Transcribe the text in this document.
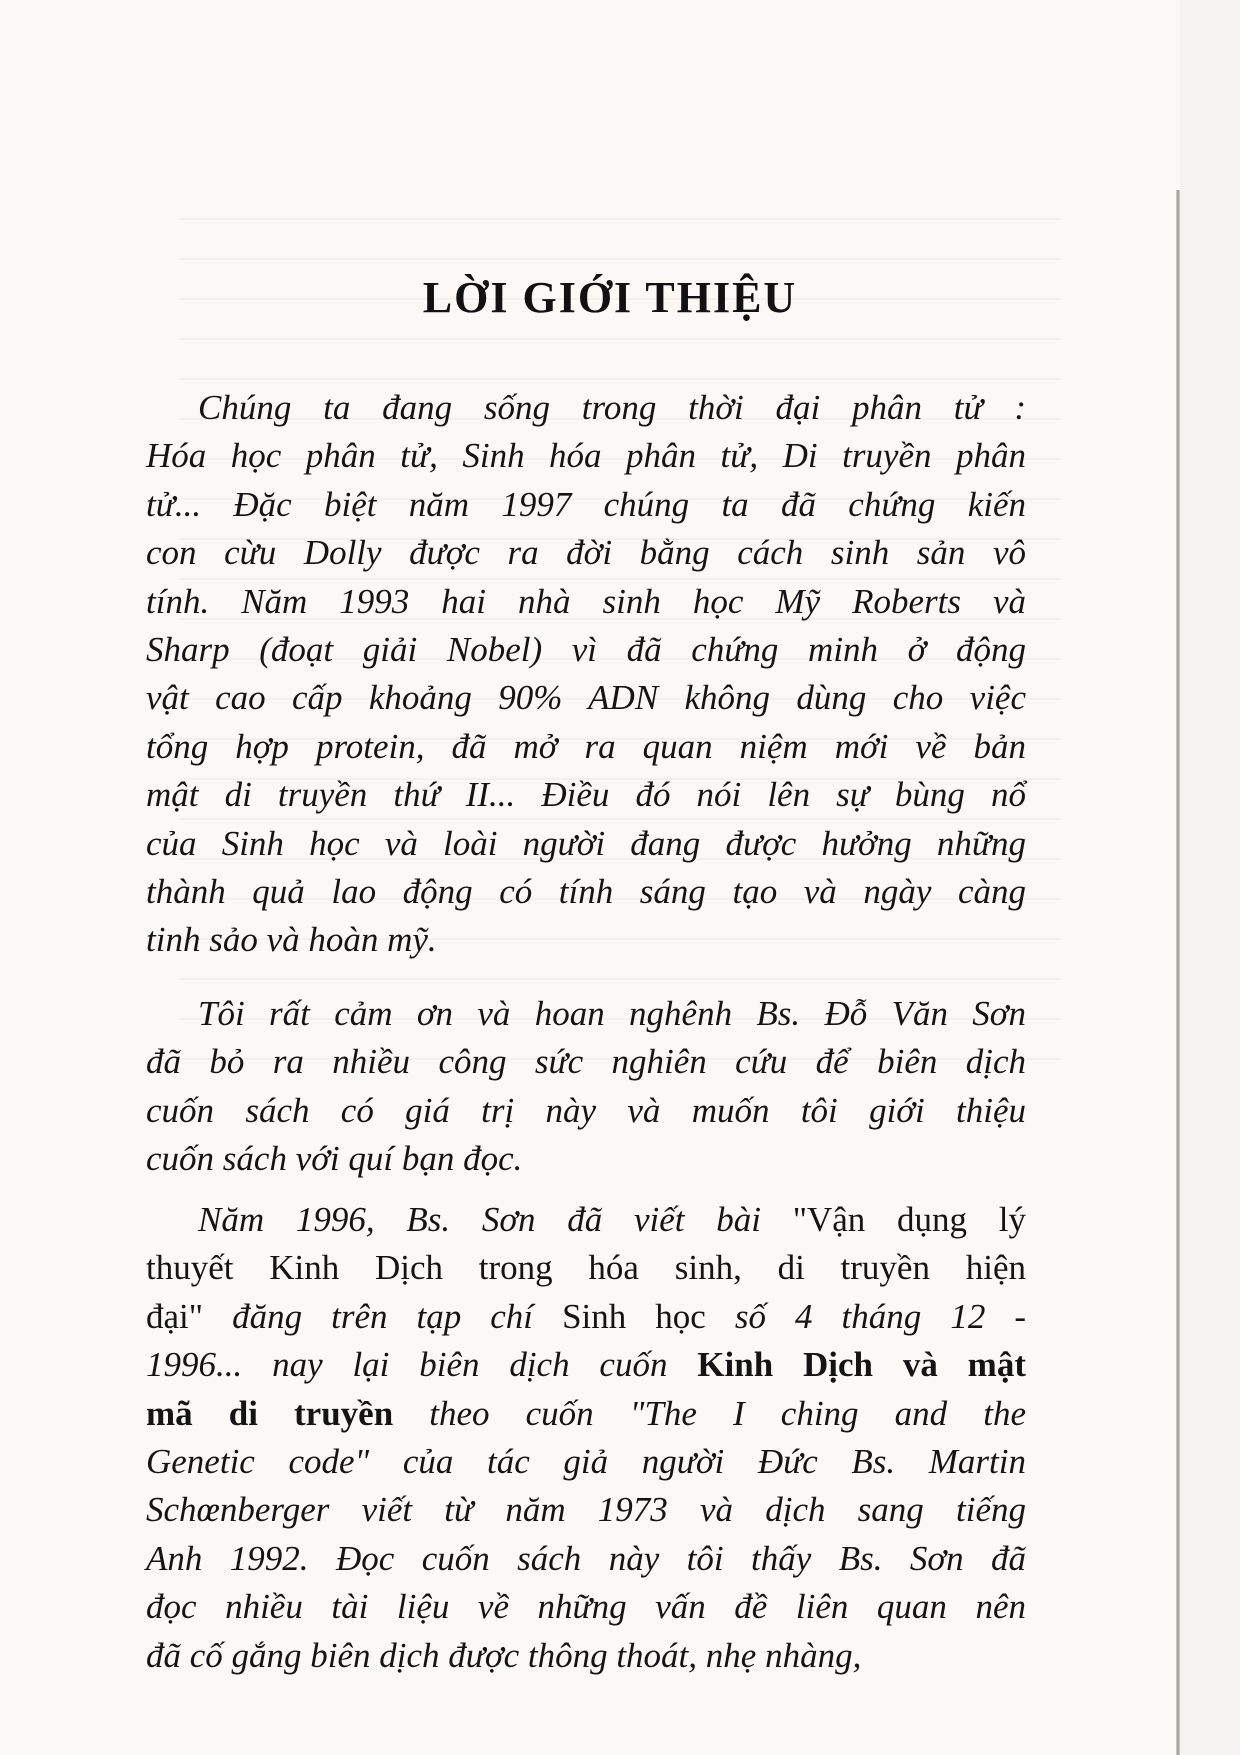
LỜI GIỚI THIỆU

Chúng ta đang sống trong thời đại phân tử :
Hóa học phân tử, Sinh hóa phân tử, Di truyền phân
tử... Đặc biệt năm 1997 chúng ta đã chứng kiến
con cừu Dolly được ra đời bằng cách sinh sản vô
tính. Năm 1993 hai nhà sinh học Mỹ Roberts và
Sharp (đoạt giải Nobel) vì đã chứng minh ở động
vật cao cấp khoảng 90% ADN không dùng cho việc
tổng hợp protein, đã mở ra quan niệm mới về bản
mật di truyền thứ II... Điều đó nói lên sự bùng nổ
của Sinh học và loài người đang được hưởng những
thành quả lao động có tính sáng tạo và ngày càng
tinh sảo và hoàn mỹ.

Tôi rất cảm ơn và hoan nghênh Bs. Đỗ Văn Sơn
đã bỏ ra nhiều công sức nghiên cứu để biên dịch
cuốn sách có giá trị này và muốn tôi giới thiệu
cuốn sách với quí bạn đọc.

Năm 1996, Bs. Sơn đã viết bài "Vận dụng lý
thuyết Kinh Dịch trong hóa sinh, di truyền hiện
đại" đăng trên tạp chí Sinh học số 4 tháng 12 -
1996... nay lại biên dịch cuốn Kinh Dịch và mật
mã di truyền theo cuốn "The I ching and the
Genetic code" của tác giả người Đức Bs. Martin
Schœnberger viết từ năm 1973 và dịch sang tiếng
Anh 1992. Đọc cuốn sách này tôi thấy Bs. Sơn đã
đọc nhiều tài liệu về những vấn đề liên quan nên
đã cố gắng biên dịch được thông thoát, nhẹ nhàng,
